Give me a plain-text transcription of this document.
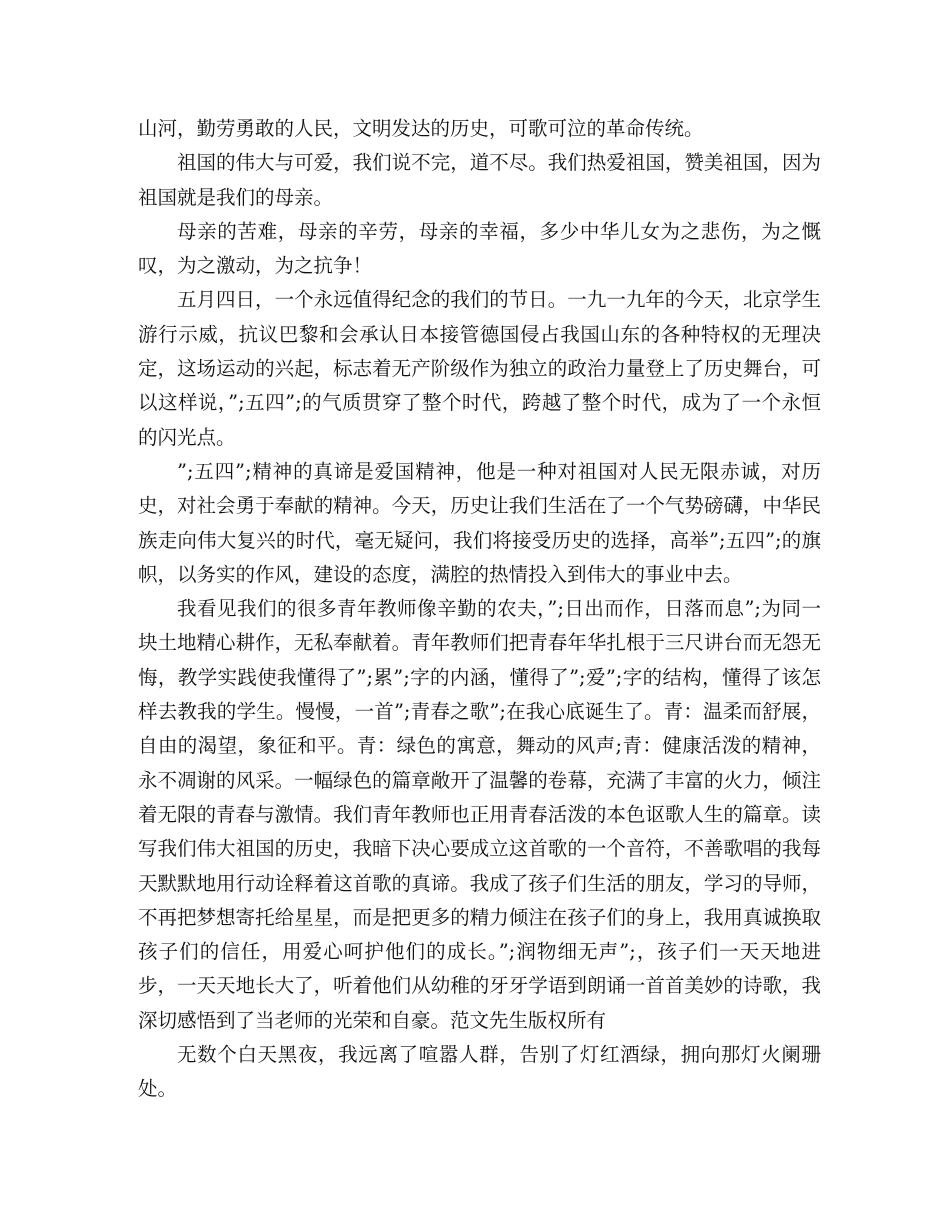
山河，勤劳勇敢的人民，文明发达的历史，可歌可泣的革命传统。

祖国的伟大与可爱，我们说不完，道不尽。我们热爱祖国，赞美祖国，因为祖国就是我们的母亲。

母亲的苦难，母亲的辛劳，母亲的幸福，多少中华儿女为之悲伤，为之慨叹，为之激动，为之抗争！

五月四日，一个永远值得纪念的我们的节日。一九一九年的今天，北京学生游行示威，抗议巴黎和会承认日本接管德国侵占我国山东的各种特权的无理决定，这场运动的兴起，标志着无产阶级作为独立的政治力量登上了历史舞台，可以这样说，”;五四”;的气质贯穿了整个时代，跨越了整个时代，成为了一个永恒的闪光点。

”;五四”;精神的真谛是爱国精神，他是一种对祖国对人民无限赤诚，对历史，对社会勇于奉献的精神。今天，历史让我们生活在了一个气势磅礴，中华民族走向伟大复兴的时代，毫无疑问，我们将接受历史的选择，高举”;五四”;的旗帜，以务实的作风，建设的态度，满腔的热情投入到伟大的事业中去。

我看见我们的很多青年教师像辛勤的农夫，”;日出而作，日落而息”;为同一块土地精心耕作，无私奉献着。青年教师们把青春年华扎根于三尺讲台而无怨无悔，教学实践使我懂得了”;累”;字的内涵，懂得了”;爱”;字的结构，懂得了该怎样去教我的学生。慢慢，一首”;青春之歌”;在我心底诞生了。青：温柔而舒展，自由的渴望，象征和平。青：绿色的寓意，舞动的风声;青：健康活泼的精神，永不凋谢的风采。一幅绿色的篇章敞开了温馨的卷幕，充满了丰富的火力，倾注着无限的青春与激情。我们青年教师也正用青春活泼的本色讴歌人生的篇章。读写我们伟大祖国的历史，我暗下决心要成立这首歌的一个音符，不善歌唱的我每天默默地用行动诠释着这首歌的真谛。我成了孩子们生活的朋友，学习的导师，不再把梦想寄托给星星，而是把更多的精力倾注在孩子们的身上，我用真诚换取孩子们的信任，用爱心呵护他们的成长。”;润物细无声”;，孩子们一天天地进步，一天天地长大了，听着他们从幼稚的牙牙学语到朗诵一首首美妙的诗歌，我深切感悟到了当老师的光荣和自豪。范文先生版权所有

无数个白天黑夜，我远离了喧嚣人群，告别了灯红酒绿，拥向那灯火阑珊处。
